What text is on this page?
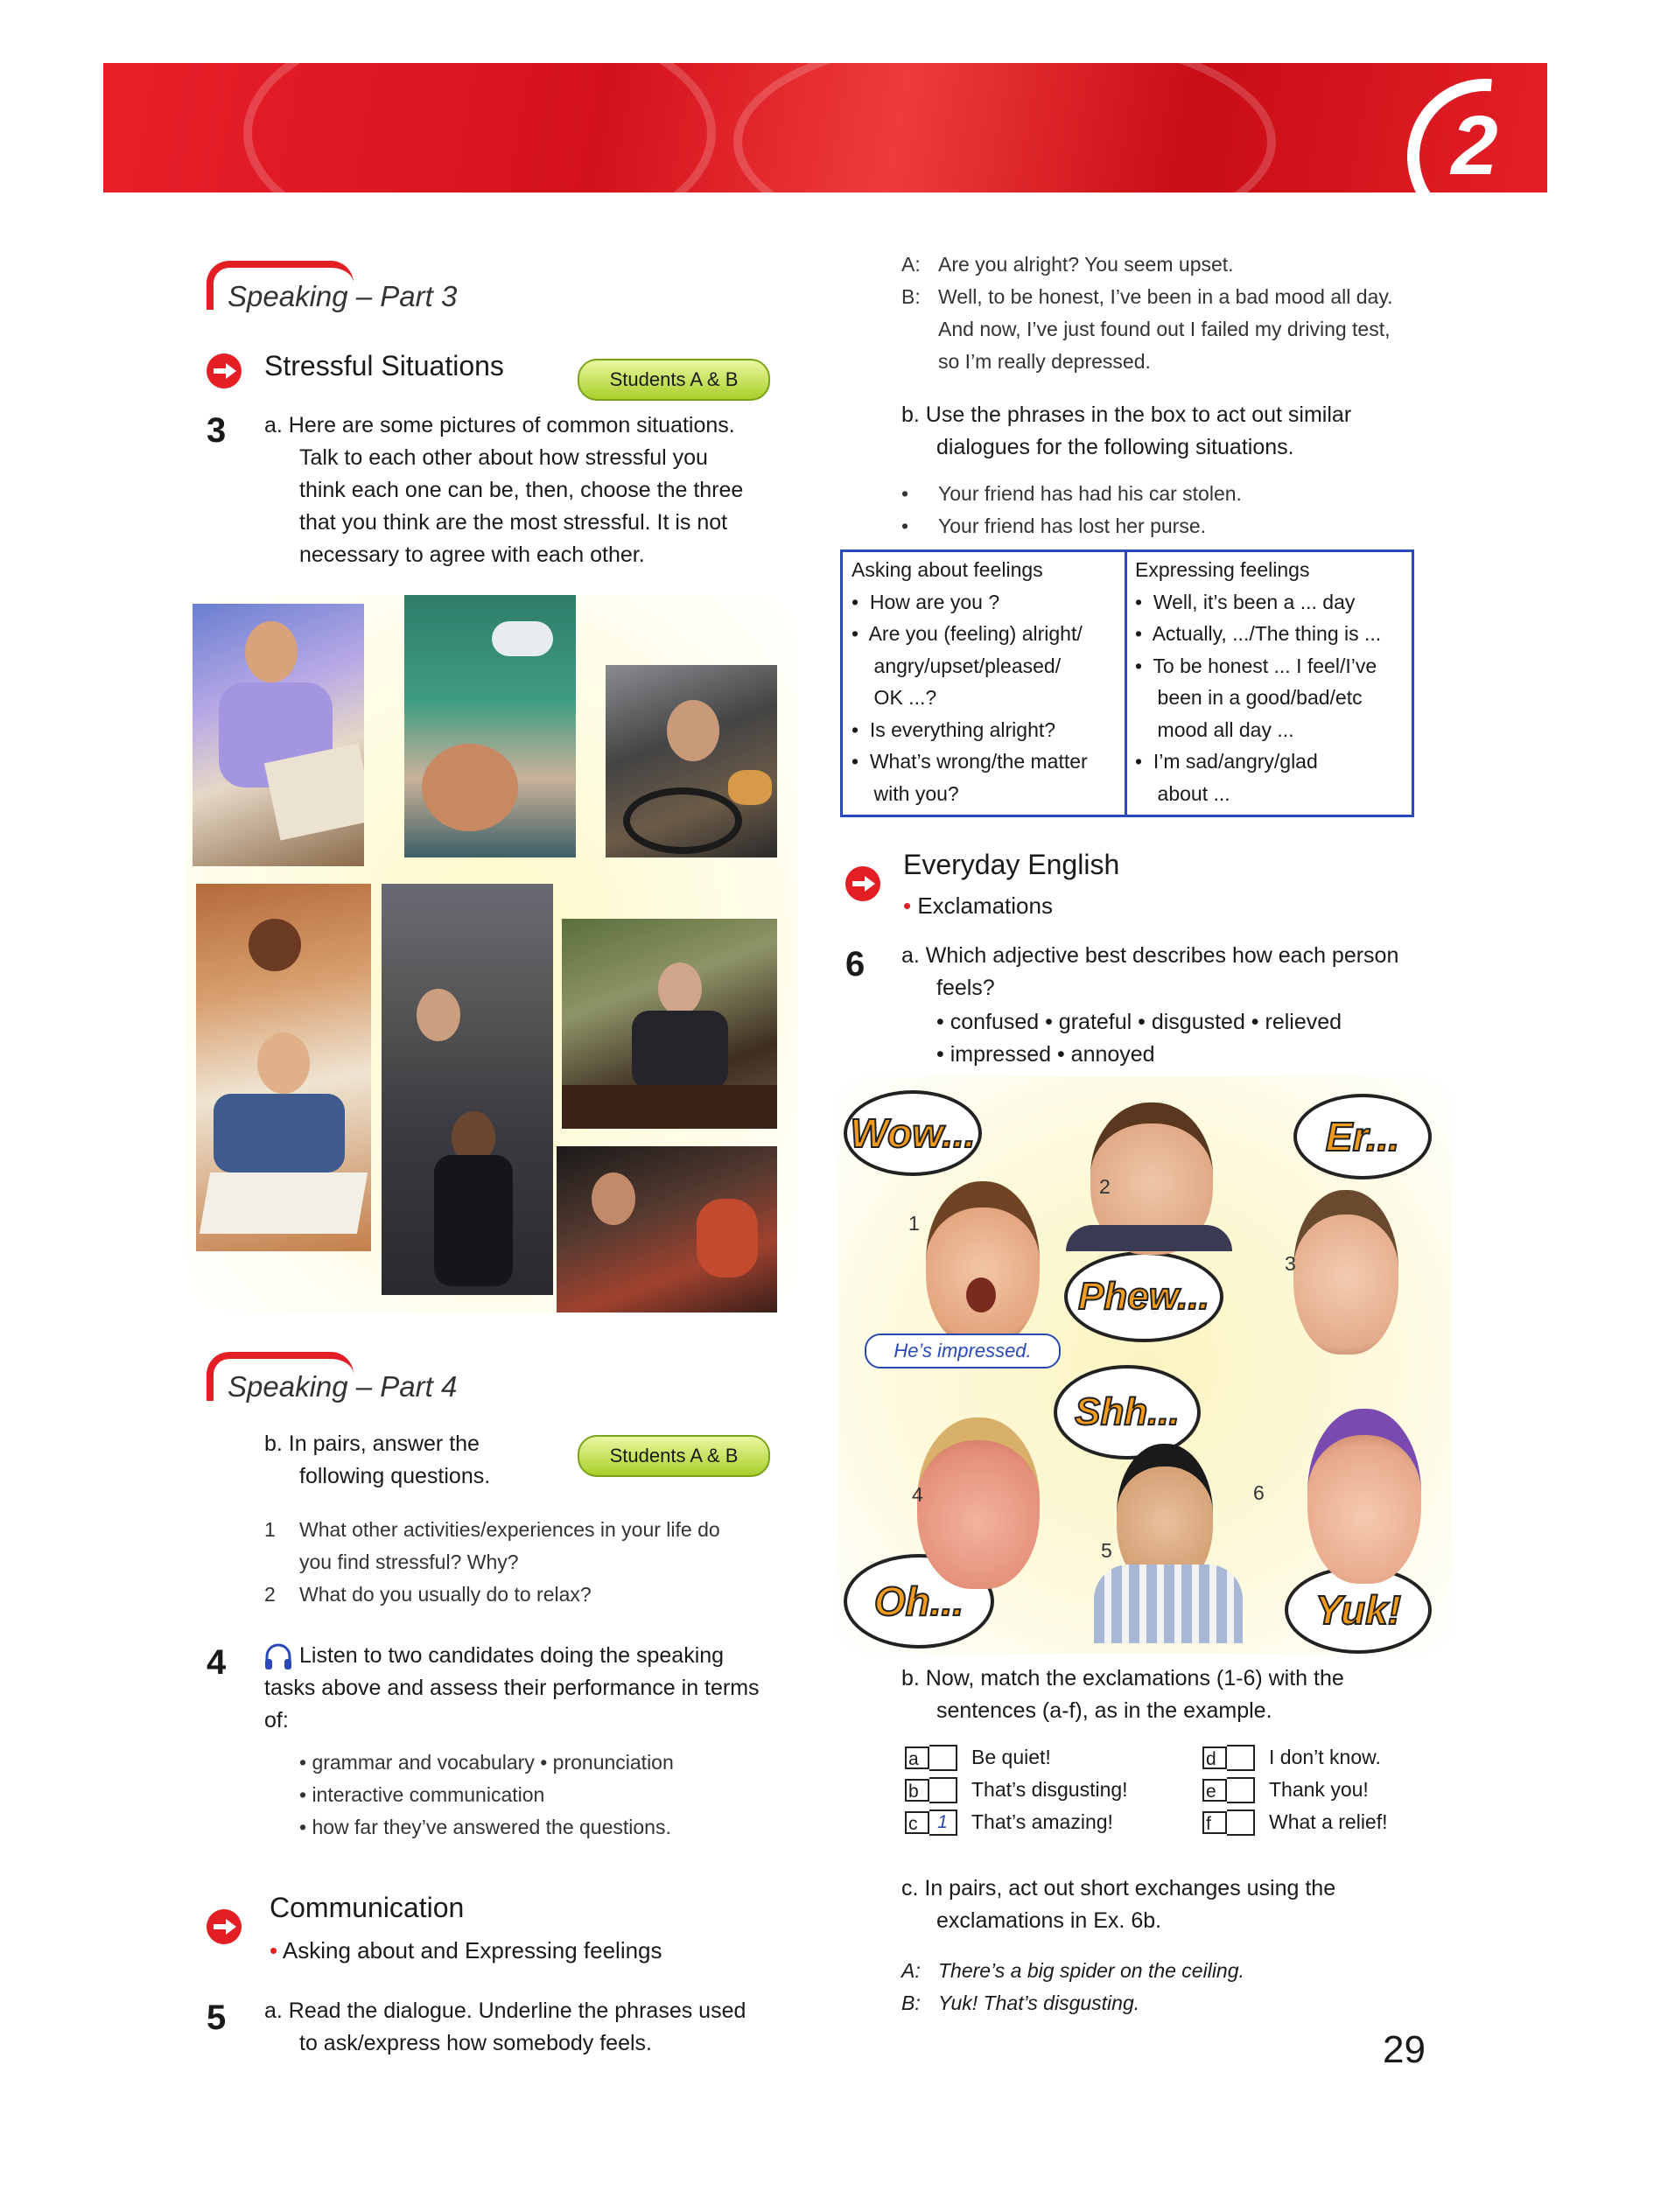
2
Speaking – Part 3
Stressful Situations	Students A & B
3 a. Here are some pictures of common situations.
Talk to each other about how stressful you
think each one can be, then, choose the three
that you think are the most stressful. It is not
necessary to agree with each other.
Speaking – Part 4
b. In pairs, answer the
following questions.
Students A & B
1	What other activities/experiences in your life do
you find stressful? Why?
2	What do you usually do to relax?
4	Listen to two candidates doing the speaking
tasks above and assess their performance in terms
of:
• grammar and vocabulary • pronunciation
• interactive communication
• how far they’ve answered the questions.
Communication
• Asking about and Expressing feelings
5 a. Read the dialogue. Underline the phrases used
to ask/express how somebody feels.
A: Are you alright? You seem upset.
B: Well, to be honest, I’ve been in a bad mood all day.
And now, I’ve just found out I failed my driving test,
so I’m really depressed.
b. Use the phrases in the box to act out similar
dialogues for the following situations.
•	Your friend has had his car stolen.
•	Your friend has lost her purse.
Asking about feelings
•  How are you ?
•  Are you (feeling) alright/
angry/upset/pleased/
OK ...?
•  Is everything alright?
•  What’s wrong/the matter
with you?
Expressing feelings
•  Well, it’s been a ... day
•  Actually, .../The thing is ...
•  To be honest ... I feel/I’ve
been in a good/bad/etc
mood all day ...
•  I’m sad/angry/glad
about ...
Everyday English
• Exclamations
6 a. Which adjective best describes how each person
feels?
• confused • grateful • disgusted • relieved
• impressed • annoyed
Wow...	Er...
Phew...
Shh...
Oh...	Yuk!
1
2
3
4
5
6
He’s impressed.
b. Now, match the exclamations (1-6) with the
sentences (a-f), as in the example.
a	Be quiet!
b	That’s disgusting!
c	1	That’s amazing!
d	I don’t know.
e	Thank you!
f	What a relief!
c. In pairs, act out short exchanges using the
exclamations in Ex. 6b.
A: There’s a big spider on the ceiling.
B: Yuk! That’s disgusting.
29
